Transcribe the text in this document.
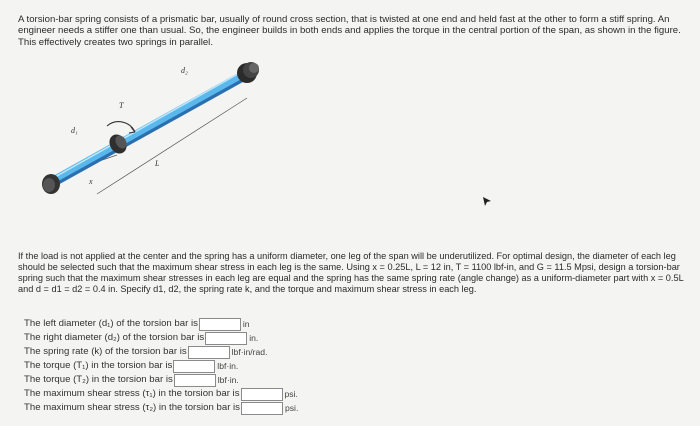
A torsion-bar spring consists of a prismatic bar, usually of round cross section, that is twisted at one end and held fast at the other to form a stiff spring. An engineer needs a stiffer one than usual. So, the engineer builds in both ends and applies the torque in the central portion of the span, as shown in the figure. This effectively creates two springs in parallel.

d₂
T
d₁
L
x

If the load is not applied at the center and the spring has a uniform diameter, one leg of the span will be underutilized. For optimal design, the diameter of each leg should be selected such that the maximum shear stress in each leg is the same. Using x = 0.25L, L = 12 in, T = 1100 lbf-in, and G = 11.5 Mpsi, design a torsion-bar spring such that the maximum shear stresses in each leg are equal and the spring has the same spring rate (angle change) as a uniform-diameter part with x = 0.5L and d = d1 = d2 = 0.4 in. Specify d1, d2, the spring rate k, and the torque and maximum shear stress in each leg.

The left diameter (d₁) of the torsion bar is	in
The right diameter (d₂) of the torsion bar is	in.
The spring rate (k) of the torsion bar is	lbf·in/rad.
The torque (T₁) in the torsion bar is	lbf·in.
The torque (T₂) in the torsion bar is	lbf·in.
The maximum shear stress (τ₁) in the torsion bar is	psi.
The maximum shear stress (τ₂) in the torsion bar is	psi.
